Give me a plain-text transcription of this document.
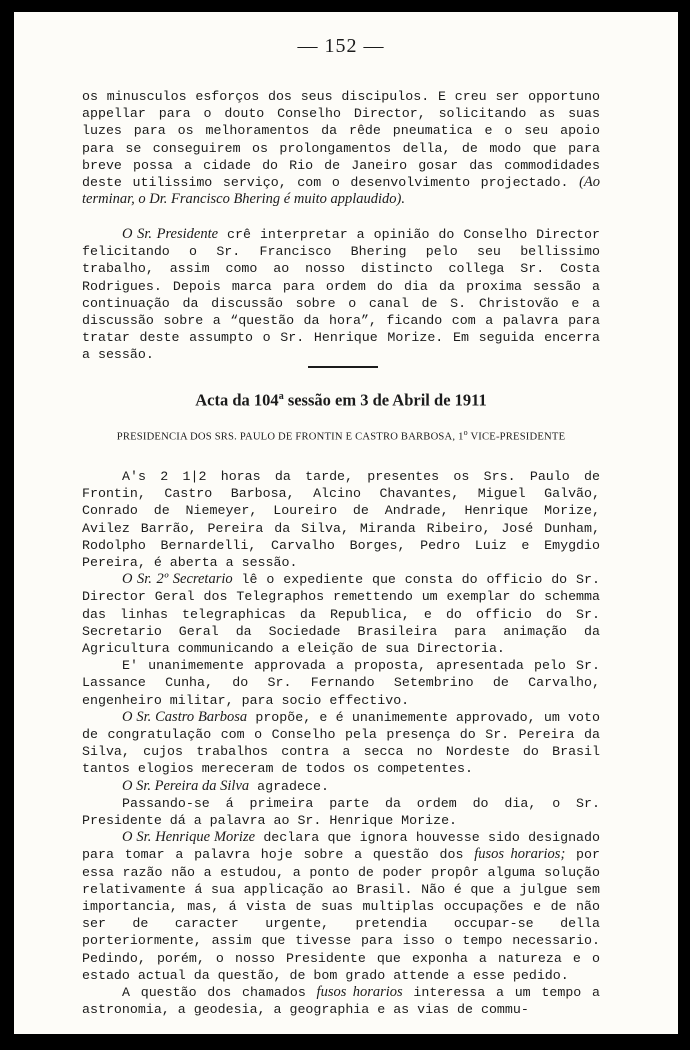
— 152 —

os minusculos esforços dos seus discipulos. E creu ser opportuno appellar para o douto Conselho Director, solicitando as suas luzes para os melhoramentos da rêde pneumatica e o seu apoio para se conseguirem os prolongamentos della, de modo que para breve possa a cidade do Rio de Janeiro gosar das commodidades deste utilissimo serviço, com o desenvolvimento projectado. (Ao terminar, o Dr. Francisco Bhering é muito applaudido).

O Sr. Presidente crê interpretar a opinião do Conselho Director felicitando o Sr. Francisco Bhering pelo seu bellissimo trabalho, assim como ao nosso distincto collega Sr. Costa Rodrigues. Depois marca para ordem do dia da proxima sessão a continuação da discussão sobre o canal de S. Christovão e a discussão sobre a “questão da hora”, ficando com a palavra para tratar deste assumpto o Sr. Henrique Morize. Em seguida encerra a sessão.

Acta da 104$^a$ sessão em 3 de Abril de 1911
PRESIDENCIA DOS SRS. PAULO DE FRONTIN E CASTRO BARBOSA, 1$^o$ VICE-PRESIDENTE

A's 2 1|2 horas da tarde, presentes os Srs. Paulo de Frontin, Castro Barbosa, Alcino Chavantes, Miguel Galvão, Conrado de Niemeyer, Loureiro de Andrade, Henrique Morize, Avilez Barrão, Pereira da Silva, Miranda Ribeiro, José Dunham, Rodolpho Bernardelli, Carvalho Borges, Pedro Luiz e Emygdio Pereira, é aberta a sessão.

O Sr. 2º Secretario lê o expediente que consta do officio do Sr. Director Geral dos Telegraphos remettendo um exemplar do schemma das linhas telegraphicas da Republica, e do officio do Sr. Secretario Geral da Sociedade Brasileira para animação da Agricultura communicando a eleição de sua Directoria.

E' unanimemente approvada a proposta, apresentada pelo Sr. Lassance Cunha, do Sr. Fernando Setembrino de Carvalho, engenheiro militar, para socio effectivo.

O Sr. Castro Barbosa propõe, e é unanimemente approvado, um voto de congratulação com o Conselho pela presença do Sr. Pereira da Silva, cujos trabalhos contra a secca no Nordeste do Brasil tantos elogios mereceram de todos os competentes.

O Sr. Pereira da Silva agradece.

Passando-se á primeira parte da ordem do dia, o Sr. Presidente dá a palavra ao Sr. Henrique Morize.

O Sr. Henrique Morize declara que ignora houvesse sido designado para tomar a palavra hoje sobre a questão dos fusos horarios; por essa razão não a estudou, a ponto de poder propôr alguma solução relativamente á sua applicação ao Brasil. Não é que a julgue sem importancia, mas, á vista de suas multiplas occupações e de não ser de caracter urgente, pretendia occupar-se della porteriormente, assim que tivesse para isso o tempo necessario. Pedindo, porém, o nosso Presidente que exponha a natureza e o estado actual da questão, de bom grado attende a esse pedido.

A questão dos chamados fusos horarios interessa a um tempo a astronomia, a geodesia, a geographia e as vias de commu-
